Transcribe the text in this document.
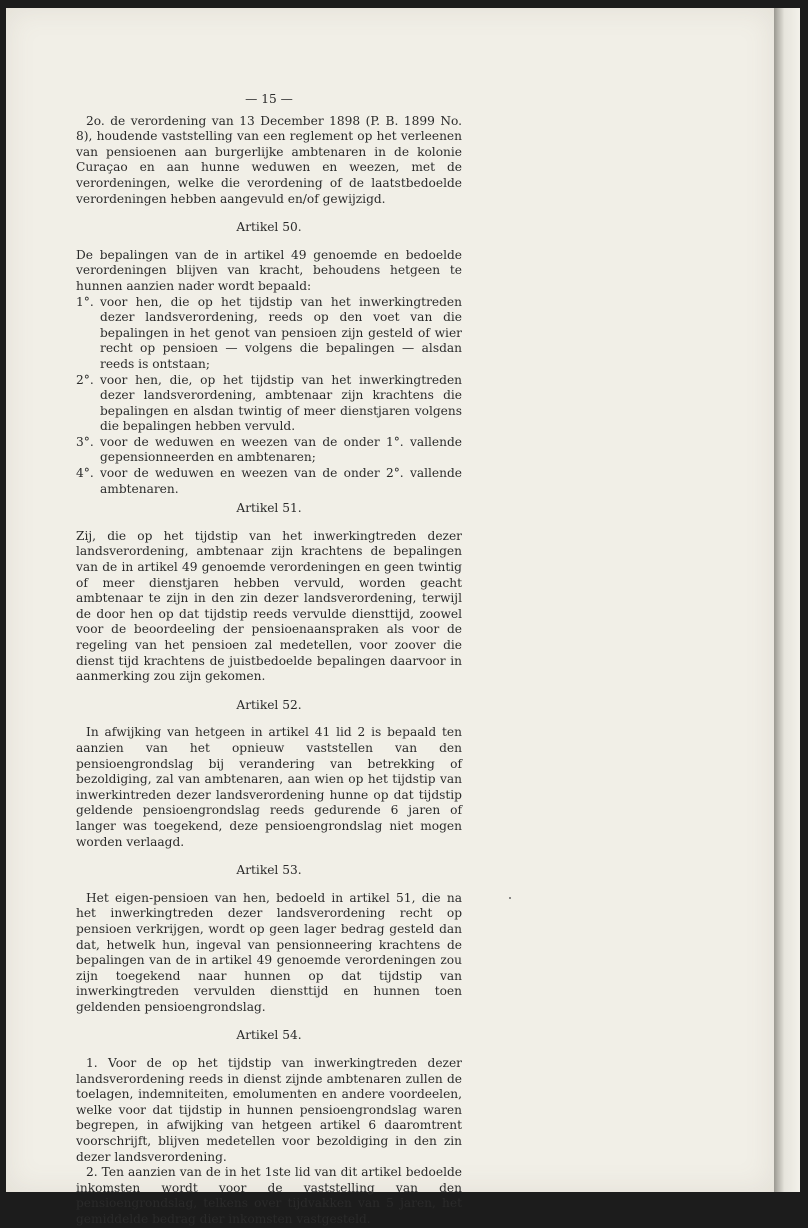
— 15 —

2o. de verordening van 13 December 1898 (P. B. 1899 No. 8), houdende vaststelling van een reglement op het verleenen van pensioenen aan burgerlijke ambtenaren in de kolonie Curaçao en aan hunne weduwen en weezen, met de verordeningen, welke die verordening of de laatstbedoelde verordeningen hebben aangevuld en/of gewijzigd.

Artikel 50.

De bepalingen van de in artikel 49 genoemde en bedoelde verordeningen blijven van kracht, behoudens hetgeen te hunnen aanzien nader wordt bepaald:

1°. voor hen, die op het tijdstip van het inwerkingtreden dezer landsverordening, reeds op den voet van die bepalingen in het genot van pensioen zijn gesteld of wier recht op pensioen — volgens die bepalingen — alsdan reeds is ontstaan;
2°. voor hen, die, op het tijdstip van het inwerkingtreden dezer landsverordening, ambtenaar zijn krachtens die bepalingen en alsdan twintig of meer dienstjaren volgens die bepalingen hebben vervuld.
3°. voor de weduwen en weezen van de onder 1°. vallende gepensionneerden en ambtenaren;
4°. voor de weduwen en weezen van de onder 2°. vallende ambtenaren.
Artikel 51.

Zij, die op het tijdstip van het inwerkingtreden dezer landsverordening, ambtenaar zijn krachtens de bepalingen van de in artikel 49 genoemde verordeningen en geen twintig of meer dienstjaren hebben vervuld, worden geacht ambtenaar te zijn in den zin dezer landsverordening, terwijl de door hen op dat tijdstip reeds vervulde diensttijd, zoowel voor de beoordeeling der pensioenaanspraken als voor de regeling van het pensioen zal medetellen, voor zoover die dienst tijd krachtens de juistbedoelde bepalingen daarvoor in aanmerking zou zijn gekomen.

Artikel 52.

In afwijking van hetgeen in artikel 41 lid 2 is bepaald ten aanzien van het opnieuw vaststellen van den pensioengrondslag bij verandering van betrekking of bezoldiging, zal van ambtenaren, aan wien op het tijdstip van inwerkintreden dezer landsverordening hunne op dat tijdstip geldende pensioengrondslag reeds gedurende 6 jaren of langer was toegekend, deze pensioengrondslag niet mogen worden verlaagd.

Artikel 53.

Het eigen-pensioen van hen, bedoeld in artikel 51, die na het inwerkingtreden dezer landsverordening recht op pensioen verkrijgen, wordt op geen lager bedrag gesteld dan dat, hetwelk hun, ingeval van pensionneering krachtens de bepalingen van de in artikel 49 genoemde verordeningen zou zijn toegekend naar hunnen op dat tijdstip van inwerkingtreden vervulden diensttijd en hunnen toen geldenden pensioengrondslag.

Artikel 54.

1. Voor de op het tijdstip van inwerkingtreden dezer landsverordening reeds in dienst zijnde ambtenaren zullen de toelagen, indemniteiten, emolumenten en andere voordeelen, welke voor dat tijdstip in hunnen pensioengrondslag waren begrepen, in afwijking van hetgeen artikel 6 daaromtrent voorschrijft, blijven medetellen voor bezoldiging in den zin dezer landsverordening.

2. Ten aanzien van de in het 1ste lid van dit artikel bedoelde inkomsten wordt voor de vaststelling van den pensioengrondslag, telkens over tijdvakken van 5 jaren, het gemiddelde bedrag dier inkomsten vastgesteld.
